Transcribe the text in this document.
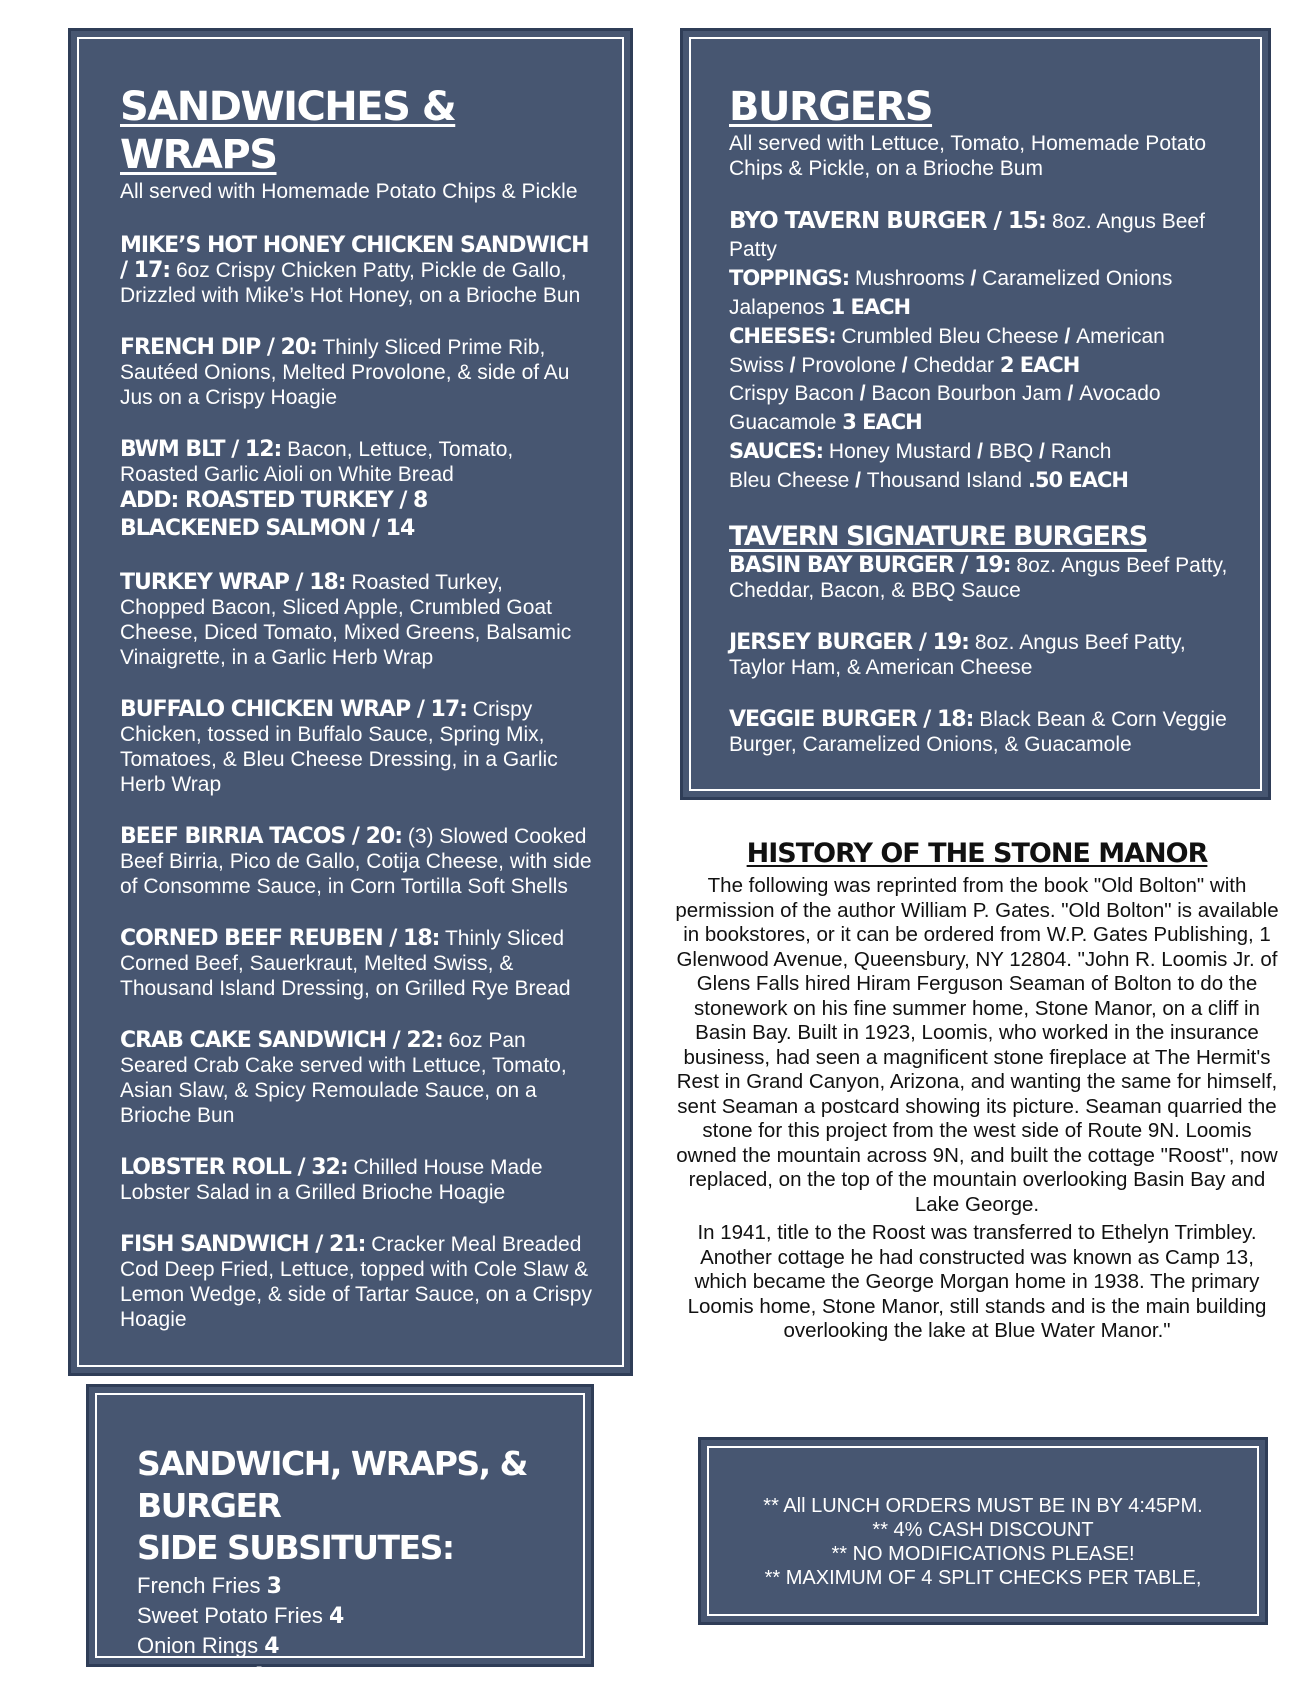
SANDWICHES & WRAPS
All served with Homemade Potato Chips & Pickle
MIKE’S HOT HONEY CHICKEN SANDWICH / 17: 6oz Crispy Chicken Patty, Pickle de Gallo, Drizzled with Mike’s Hot Honey, on a Brioche Bun
FRENCH DIP / 20: Thinly Sliced Prime Rib, Sautéed Onions, Melted Provolone, & side of Au Jus on a Crispy Hoagie
BWM BLT / 12: Bacon, Lettuce, Tomato, Roasted Garlic Aioli on White Bread
ADD: ROASTED TURKEY / 8
BLACKENED SALMON / 14
TURKEY WRAP / 18: Roasted Turkey, Chopped Bacon, Sliced Apple, Crumbled Goat Cheese, Diced Tomato, Mixed Greens, Balsamic Vinaigrette, in a Garlic Herb Wrap
BUFFALO CHICKEN WRAP / 17: Crispy Chicken, tossed in Buffalo Sauce, Spring Mix, Tomatoes, & Bleu Cheese Dressing, in a Garlic Herb Wrap
BEEF BIRRIA TACOS / 20: (3) Slowed Cooked Beef Birria, Pico de Gallo, Cotija Cheese, with side of Consomme Sauce, in Corn Tortilla Soft Shells
CORNED BEEF REUBEN / 18: Thinly Sliced Corned Beef, Sauerkraut, Melted Swiss, & Thousand Island Dressing, on Grilled Rye Bread
CRAB CAKE SANDWICH / 22: 6oz Pan Seared Crab Cake served with Lettuce, Tomato, Asian Slaw, & Spicy Remoulade Sauce, on a Brioche Bun
LOBSTER ROLL / 32: Chilled House Made Lobster Salad in a Grilled Brioche Hoagie
FISH SANDWICH / 21: Cracker Meal Breaded Cod Deep Fried, Lettuce, topped with Cole Slaw & Lemon Wedge, & side of Tartar Sauce, on a Crispy Hoagie
BURGERS
All served with Lettuce, Tomato, Homemade Potato Chips & Pickle, on a Brioche Bum
BYO TAVERN BURGER / 15: 8oz. Angus Beef Patty
TOPPINGS: Mushrooms / Caramelized Onions
Jalapenos 1 EACH
CHEESES: Crumbled Bleu Cheese / American
Swiss / Provolone / Cheddar 2 EACH
Crispy Bacon / Bacon Bourbon Jam / Avocado
Guacamole 3 EACH
SAUCES: Honey Mustard / BBQ / Ranch
Bleu Cheese / Thousand Island .50 EACH
TAVERN SIGNATURE BURGERS
BASIN BAY BURGER / 19: 8oz. Angus Beef Patty, Cheddar, Bacon, & BBQ Sauce
JERSEY BURGER / 19: 8oz. Angus Beef Patty, Taylor Ham, & American Cheese
VEGGIE BURGER / 18: Black Bean & Corn Veggie Burger, Caramelized Onions, & Guacamole
HISTORY OF THE STONE MANOR

The following was reprinted from the book "Old Bolton" with permission of the author William P. Gates. "Old Bolton" is available in bookstores, or it can be ordered from W.P. Gates Publishing, 1 Glenwood Avenue, Queensbury, NY 12804. "John R. Loomis Jr. of Glens Falls hired Hiram Ferguson Seaman of Bolton to do the stonework on his fine summer home, Stone Manor, on a cliff in Basin Bay. Built in 1923, Loomis, who worked in the insurance business, had seen a magnificent stone fireplace at The Hermit's Rest in Grand Canyon, Arizona, and wanting the same for himself, sent Seaman a postcard showing its picture. Seaman quarried the stone for this project from the west side of Route 9N. Loomis owned the mountain across 9N, and built the cottage "Roost", now replaced, on the top of the mountain overlooking Basin Bay and Lake George.

In 1941, title to the Roost was transferred to Ethelyn Trimbley. Another cottage he had constructed was known as Camp 13, which became the George Morgan home in 1938. The primary Loomis home, Stone Manor, still stands and is the main building overlooking the lake at Blue Water Manor."

SANDWICH, WRAPS, & BURGER
SIDE SUBSITUTES:
French Fries 3
Sweet Potato Fries 4
Onion Rings 4
Side Salad 4
** All LUNCH ORDERS MUST BE IN BY 4:45PM.
** 4% CASH DISCOUNT
** NO MODIFICATIONS PLEASE!
** MAXIMUM OF 4 SPLIT CHECKS PER TABLE,
